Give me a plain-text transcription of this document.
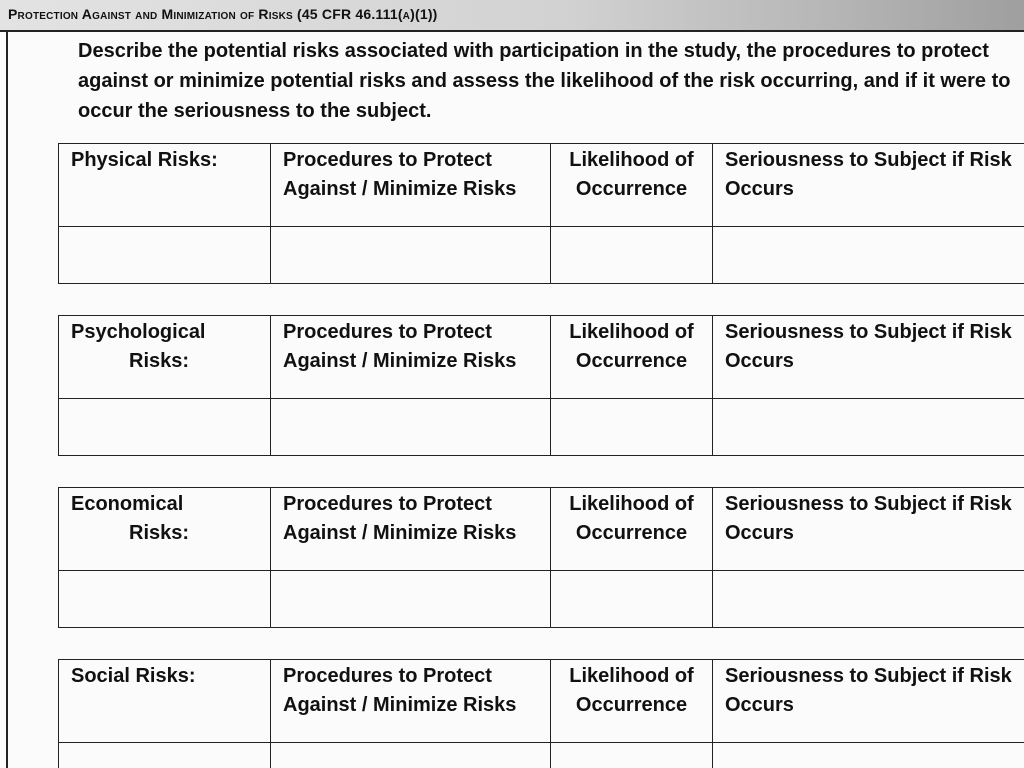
Protection Against and Minimization of Risks (45 CFR 46.111(a)(1))
Describe the potential risks associated with participation in the study, the procedures to protect against or minimize potential risks and assess the likelihood of the risk occurring, and if it were to occur the seriousness to the subject.
Physical Risks:	Procedures to Protect Against / Minimize Risks	Likelihood of Occurrence	Seriousness to Subject if Risk Occurs

Psychological
Risks:	Procedures to Protect Against / Minimize Risks	Likelihood of Occurrence	Seriousness to Subject if Risk Occurs

Economical
Risks:	Procedures to Protect Against / Minimize Risks	Likelihood of Occurrence	Seriousness to Subject if Risk Occurs

Social Risks:	Procedures to Protect Against / Minimize Risks	Likelihood of Occurrence	Seriousness to Subject if Risk Occurs
